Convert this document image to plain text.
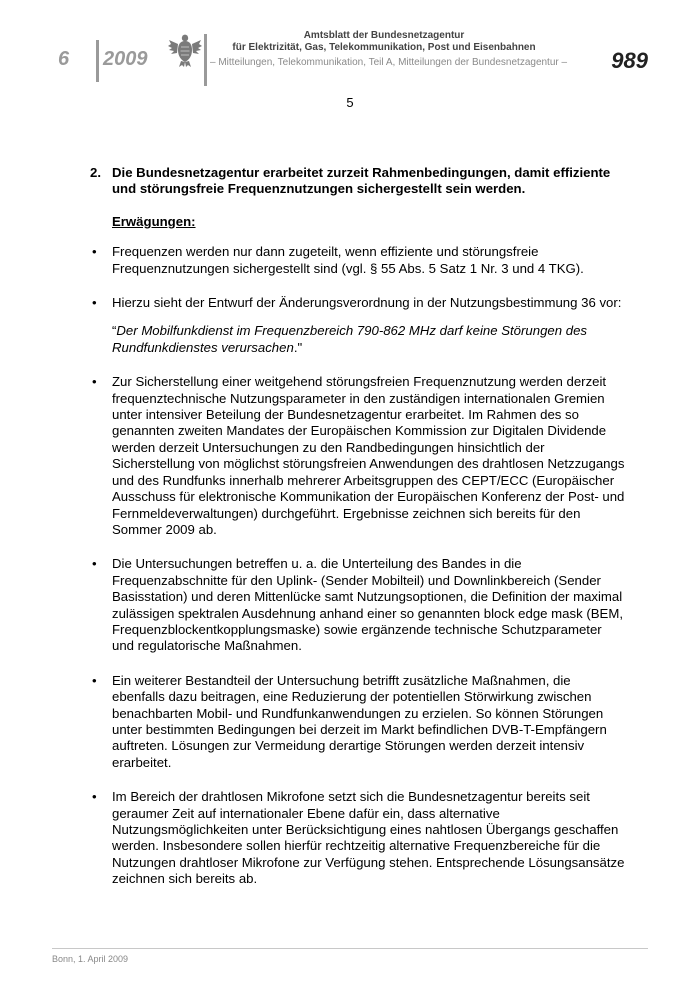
6 2009
Amtsblatt der Bundesnetzagentur
für Elektrizität, Gas, Telekommunikation, Post und Eisenbahnen
– Mitteilungen, Telekommunikation, Teil A, Mitteilungen der Bundesnetzagentur – 989
5
2. Die Bundesnetzagentur erarbeitet zurzeit Rahmenbedingungen, damit effiziente und störungsfreie Frequenznutzungen sichergestellt sein werden.
Erwägungen:
•	Frequenzen werden nur dann zugeteilt, wenn effiziente und störungsfreie Frequenznutzungen sichergestellt sind (vgl. § 55 Abs. 5 Satz 1 Nr. 3 und 4 TKG).
•	Hierzu sieht der Entwurf der Änderungsverordnung in der Nutzungsbestimmung 36 vor:
“Der Mobilfunkdienst im Frequenzbereich 790-862 MHz darf keine Störungen des Rundfunkdienstes verursachen."
•	Zur Sicherstellung einer weitgehend störungsfreien Frequenznutzung werden derzeit frequenztechnische Nutzungsparameter in den zuständigen internationalen Gremien unter intensiver Beteilung der Bundesnetzagentur erarbeitet. Im Rahmen des so genannten zweiten Mandates der Europäischen Kommission zur Digitalen Dividende werden derzeit Untersuchungen zu den Randbedingungen hinsichtlich der Sicherstellung von möglichst störungsfreien Anwendungen des drahtlosen Netzzugangs und des Rundfunks innerhalb mehrerer Arbeitsgruppen des CEPT/ECC (Europäischer Ausschuss für elektronische Kommunikation der Europäischen Konferenz der Post- und Fernmeldeverwaltungen) durchgeführt. Ergebnisse zeichnen sich bereits für den Sommer 2009 ab.
•	Die Untersuchungen betreffen u. a. die Unterteilung des Bandes in die Frequenzabschnitte für den Uplink- (Sender Mobilteil) und Downlinkbereich (Sender Basisstation) und deren Mittenlücke samt Nutzungsoptionen, die Definition der maximal zulässigen spektralen Ausdehnung anhand einer so genannten block edge mask (BEM, Frequenzblockentkopplungsmaske) sowie ergänzende technische Schutzparameter und regulatorische Maßnahmen.
•	Ein weiterer Bestandteil der Untersuchung betrifft zusätzliche Maßnahmen, die ebenfalls dazu beitragen, eine Reduzierung der potentiellen Störwirkung zwischen benachbarten Mobil- und Rundfunkanwendungen zu erzielen. So können Störungen unter bestimmten Bedingungen bei derzeit im Markt befindlichen DVB-T-Empfängern auftreten. Lösungen zur Vermeidung derartige Störungen werden derzeit intensiv erarbeitet.
•	Im Bereich der drahtlosen Mikrofone setzt sich die Bundesnetzagentur bereits seit geraumer Zeit auf internationaler Ebene dafür ein, dass alternative Nutzungsmöglichkeiten unter Berücksichtigung eines nahtlosen Übergangs geschaffen werden. Insbesondere sollen hierfür rechtzeitig alternative Frequenzbereiche für die Nutzungen drahtloser Mikrofone zur Verfügung stehen. Entsprechende Lösungsansätze zeichnen sich bereits ab.
Bonn, 1. April 2009
